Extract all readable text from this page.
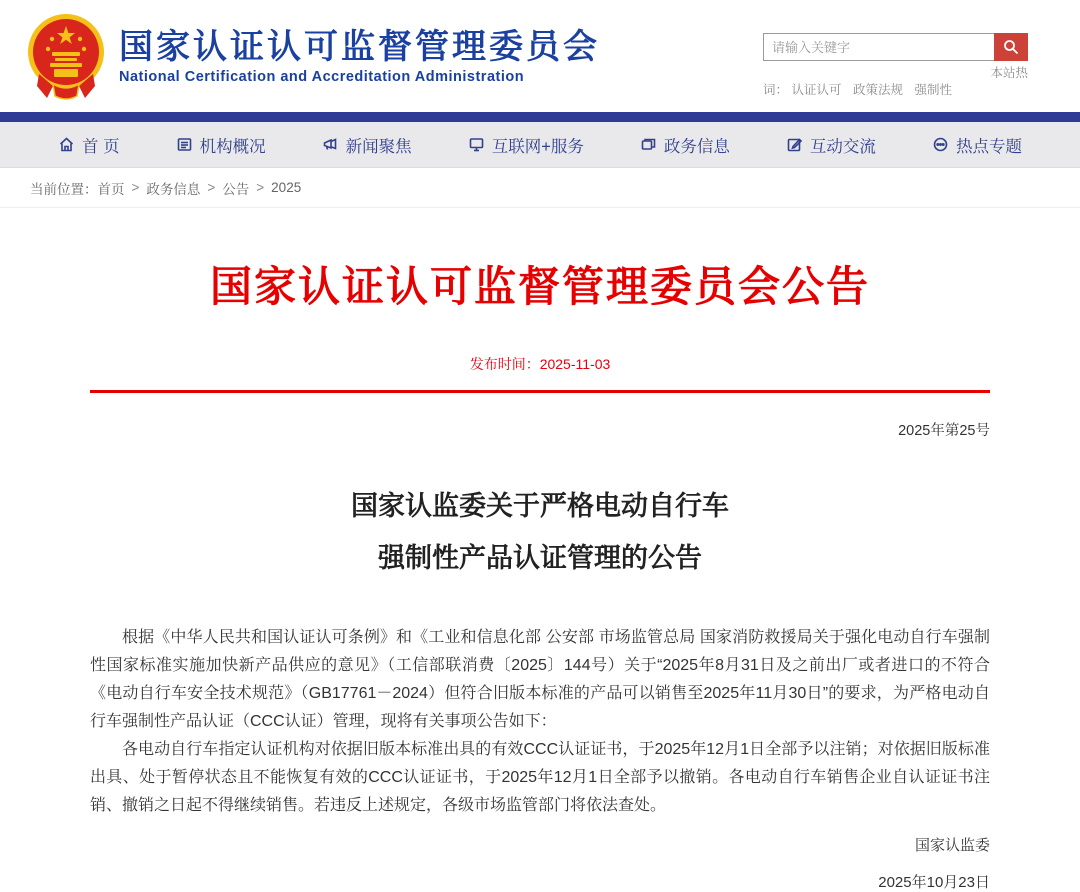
国家认证认可监督管理委员会
National Certification and Accreditation Administration
请输入关键字	本站热
词： 认证认可 政策法规 强制性
首 页	机构概况	新闻聚焦	互联网+服务	政务信息	互动交流	热点专题
当前位置： 首页 > 政务信息 > 公告 > 2025
国家认证认可监督管理委员会公告
发布时间：2025-11-03
2025年第25号
国家认监委关于严格电动自行车
强制性产品认证管理的公告

根据《中华人民共和国认证认可条例》和《工业和信息化部 公安部 市场监管总局 国家消防救援局关于强化电动自行车强制性国家标准实施加快新产品供应的意见》（工信部联消费〔2025〕144号）关于“2025年8月31日及之前出厂或者进口的不符合《电动自行车安全技术规范》（GB17761－2024）但符合旧版本标准的产品可以销售至2025年11月30日”的要求，为严格电动自行车强制性产品认证（CCC认证）管理，现将有关事项公告如下：

各电动自行车指定认证机构对依据旧版本标准出具的有效CCC认证证书，于2025年12月1日全部予以注销；对依据旧版标准出具、处于暂停状态且不能恢复有效的CCC认证证书，于2025年12月1日全部予以撤销。各电动自行车销售企业自认证证书注销、撤销之日起不得继续销售。若违反上述规定，各级市场监管部门将依法查处。

国家认监委
2025年10月23日
